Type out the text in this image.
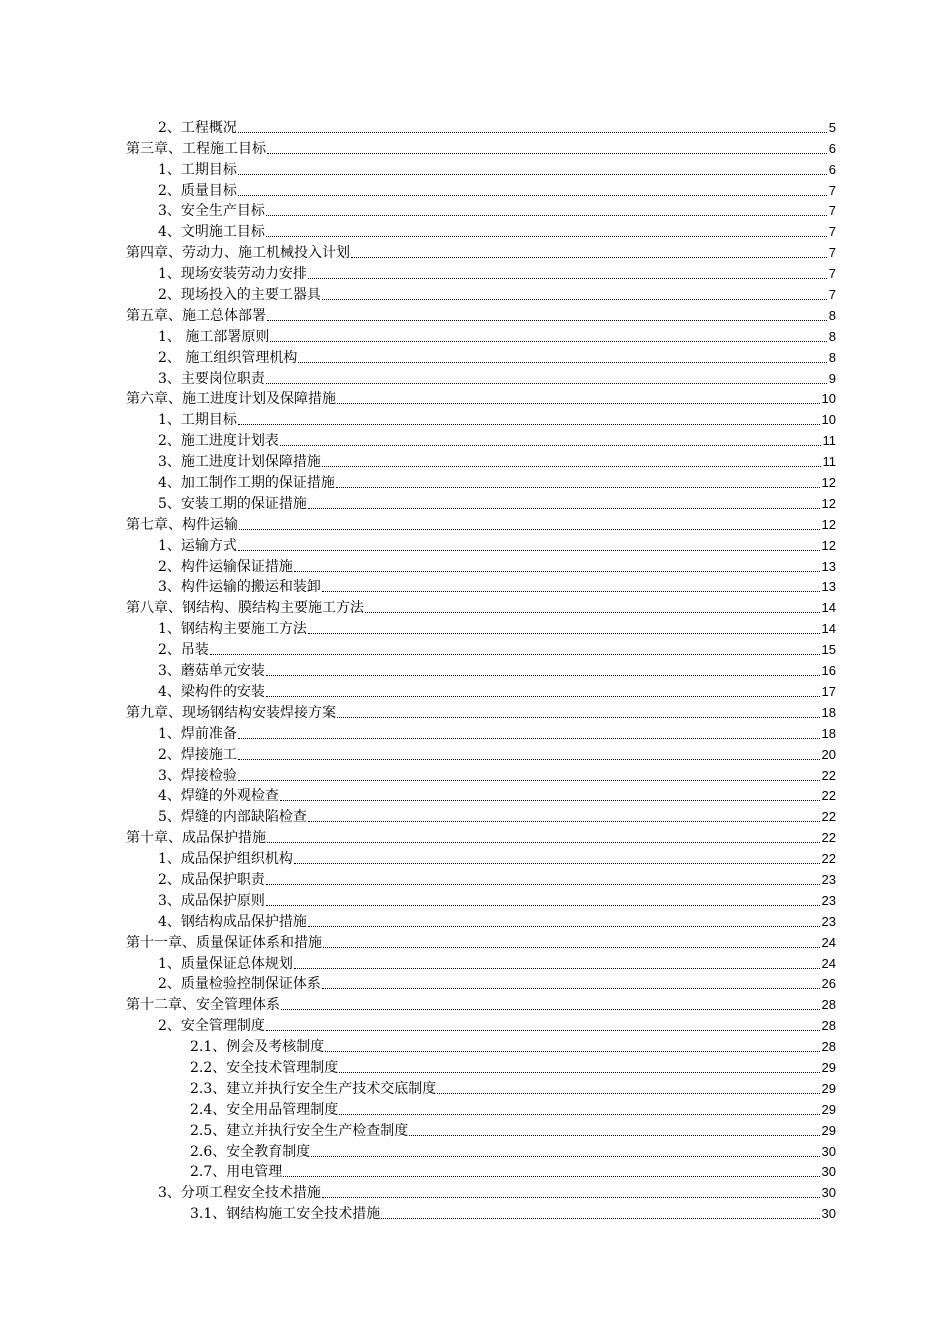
2、工程概况	5
第三章、工程施工目标	6
1、工期目标	6
2、质量目标	7
3、安全生产目标	7
4、文明施工目标	7
第四章、劳动力、施工机械投入计划	7
1、现场安装劳动力安排	7
2、现场投入的主要工器具	7
第五章、施工总体部署	8
1、 施工部署原则	8
2、 施工组织管理机构	8
3、主要岗位职责	9
第六章、施工进度计划及保障措施	10
1、工期目标	10
2、施工进度计划表	11
3、施工进度计划保障措施	11
4、加工制作工期的保证措施	12
5、安装工期的保证措施	12
第七章、构件运输	12
1、运输方式	12
2、构件运输保证措施	13
3、构件运输的搬运和装卸	13
第八章、钢结构、膜结构主要施工方法	14
1、钢结构主要施工方法	14
2、吊装	15
3、蘑菇单元安装	16
4、梁构件的安装	17
第九章、现场钢结构安装焊接方案	18
1、焊前准备	18
2、焊接施工	20
3、焊接检验	22
4、焊缝的外观检查	22
5、焊缝的内部缺陷检查	22
第十章、成品保护措施	22
1、成品保护组织机构	22
2、成品保护职责	23
3、成品保护原则	23
4、钢结构成品保护措施	23
第十一章、质量保证体系和措施	24
1、质量保证总体规划	24
2、质量检验控制保证体系	26
第十二章、安全管理体系	28
2、安全管理制度	28
2.1、例会及考核制度	28
2.2、安全技术管理制度	29
2.3、建立并执行安全生产技术交底制度	29
2.4、安全用品管理制度	29
2.5、建立并执行安全生产检查制度	29
2.6、安全教育制度	30
2.7、用电管理	30
3、分项工程安全技术措施	30
3.1、钢结构施工安全技术措施	30
